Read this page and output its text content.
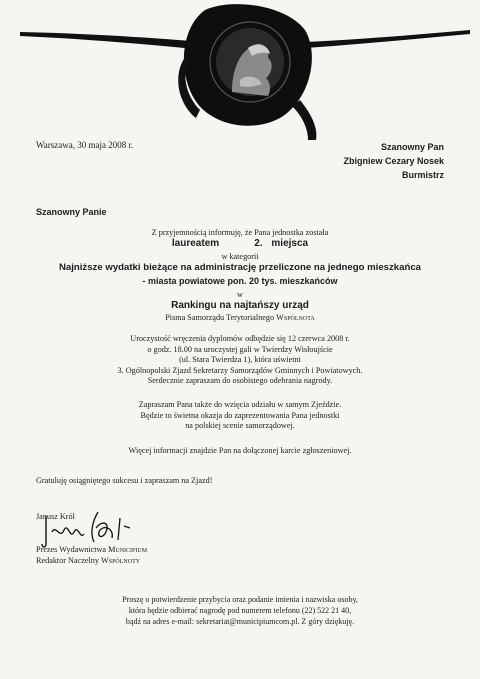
Warszawa, 30 maja 2008 r.	Szanowny Pan
Zbigniew Cezary Nosek
Burmistrz
Szanowny Panie
Z przyjemnością informuję, że Pana jednostka została
laureatem	2. miejsca
w kategorii
Najniższe wydatki bieżące na administrację przeliczone na jednego mieszkańca
- miasta powiatowe pon. 20 tys. mieszkańców
w
Rankingu na najtańszy urząd
Pisma Samorządu Terytorialnego Wspólnota
Uroczystość wręczenia dyplomów odbędzie się 12 czerwca 2008 r.
o godz. 18.00 na uroczystej gali w Twierdzy Wisłoujście
(ul. Stara Twierdza 1), która uświetni
3. Ogólnopolski Zjazd Sekretarzy Samorządów Gminnych i Powiatowych.
Serdecznie zapraszam do osobistego odebrania nagrody.
Zapraszam Pana także do wzięcia udziału w samym Zjeździe.
Będzie to świetna okazja do zaprezentowania Pana jednostki
na polskiej scenie samorządowej.
Więcej informacji znajdzie Pan na dołączonej karcie zgłoszeniowej.
Gratuluję osiągniętego sukcesu i zapraszam na Zjazd!
Janusz Król
Prezes Wydawnictwa Municipium
Redaktor Naczelny Wspólnoty
Proszę o potwierdzenie przybycia oraz podanie imienia i nazwiska osoby,
która będzie odbierać nagrodę pod numerem telefonu (22) 522 21 40,
bądź na adres e-mail: sekretariat@municipiumcom.pl. Z góry dziękuję.
